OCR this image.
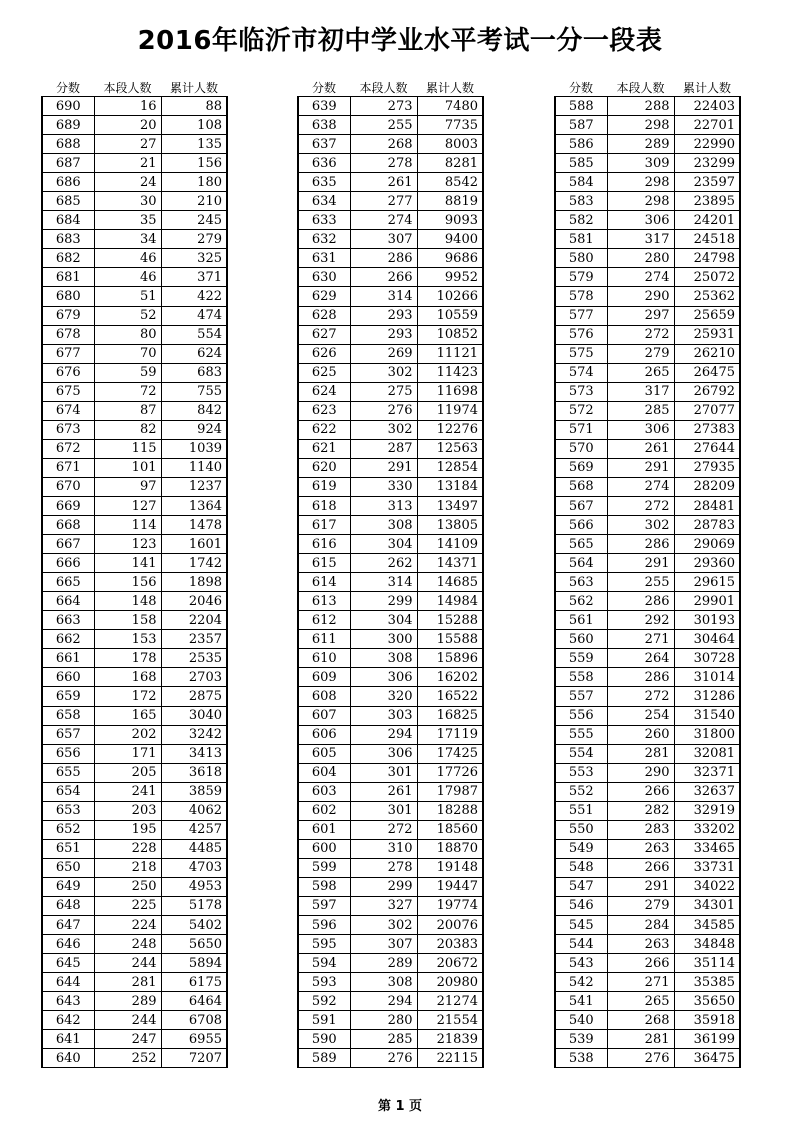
2016年临沂市初中学业水平考试一分一段表
分数	本段人数	累计人数
690	16	88
689	20	108
688	27	135
687	21	156
686	24	180
685	30	210
684	35	245
683	34	279
682	46	325
681	46	371
680	51	422
679	52	474
678	80	554
677	70	624
676	59	683
675	72	755
674	87	842
673	82	924
672	115	1039
671	101	1140
670	97	1237
669	127	1364
668	114	1478
667	123	1601
666	141	1742
665	156	1898
664	148	2046
663	158	2204
662	153	2357
661	178	2535
660	168	2703
659	172	2875
658	165	3040
657	202	3242
656	171	3413
655	205	3618
654	241	3859
653	203	4062
652	195	4257
651	228	4485
650	218	4703
649	250	4953
648	225	5178
647	224	5402
646	248	5650
645	244	5894
644	281	6175
643	289	6464
642	244	6708
641	247	6955
640	252	7207
分数	本段人数	累计人数
639	273	7480
638	255	7735
637	268	8003
636	278	8281
635	261	8542
634	277	8819
633	274	9093
632	307	9400
631	286	9686
630	266	9952
629	314	10266
628	293	10559
627	293	10852
626	269	11121
625	302	11423
624	275	11698
623	276	11974
622	302	12276
621	287	12563
620	291	12854
619	330	13184
618	313	13497
617	308	13805
616	304	14109
615	262	14371
614	314	14685
613	299	14984
612	304	15288
611	300	15588
610	308	15896
609	306	16202
608	320	16522
607	303	16825
606	294	17119
605	306	17425
604	301	17726
603	261	17987
602	301	18288
601	272	18560
600	310	18870
599	278	19148
598	299	19447
597	327	19774
596	302	20076
595	307	20383
594	289	20672
593	308	20980
592	294	21274
591	280	21554
590	285	21839
589	276	22115
分数	本段人数	累计人数
588	288	22403
587	298	22701
586	289	22990
585	309	23299
584	298	23597
583	298	23895
582	306	24201
581	317	24518
580	280	24798
579	274	25072
578	290	25362
577	297	25659
576	272	25931
575	279	26210
574	265	26475
573	317	26792
572	285	27077
571	306	27383
570	261	27644
569	291	27935
568	274	28209
567	272	28481
566	302	28783
565	286	29069
564	291	29360
563	255	29615
562	286	29901
561	292	30193
560	271	30464
559	264	30728
558	286	31014
557	272	31286
556	254	31540
555	260	31800
554	281	32081
553	290	32371
552	266	32637
551	282	32919
550	283	33202
549	263	33465
548	266	33731
547	291	34022
546	279	34301
545	284	34585
544	263	34848
543	266	35114
542	271	35385
541	265	35650
540	268	35918
539	281	36199
538	276	36475
第 1 页
